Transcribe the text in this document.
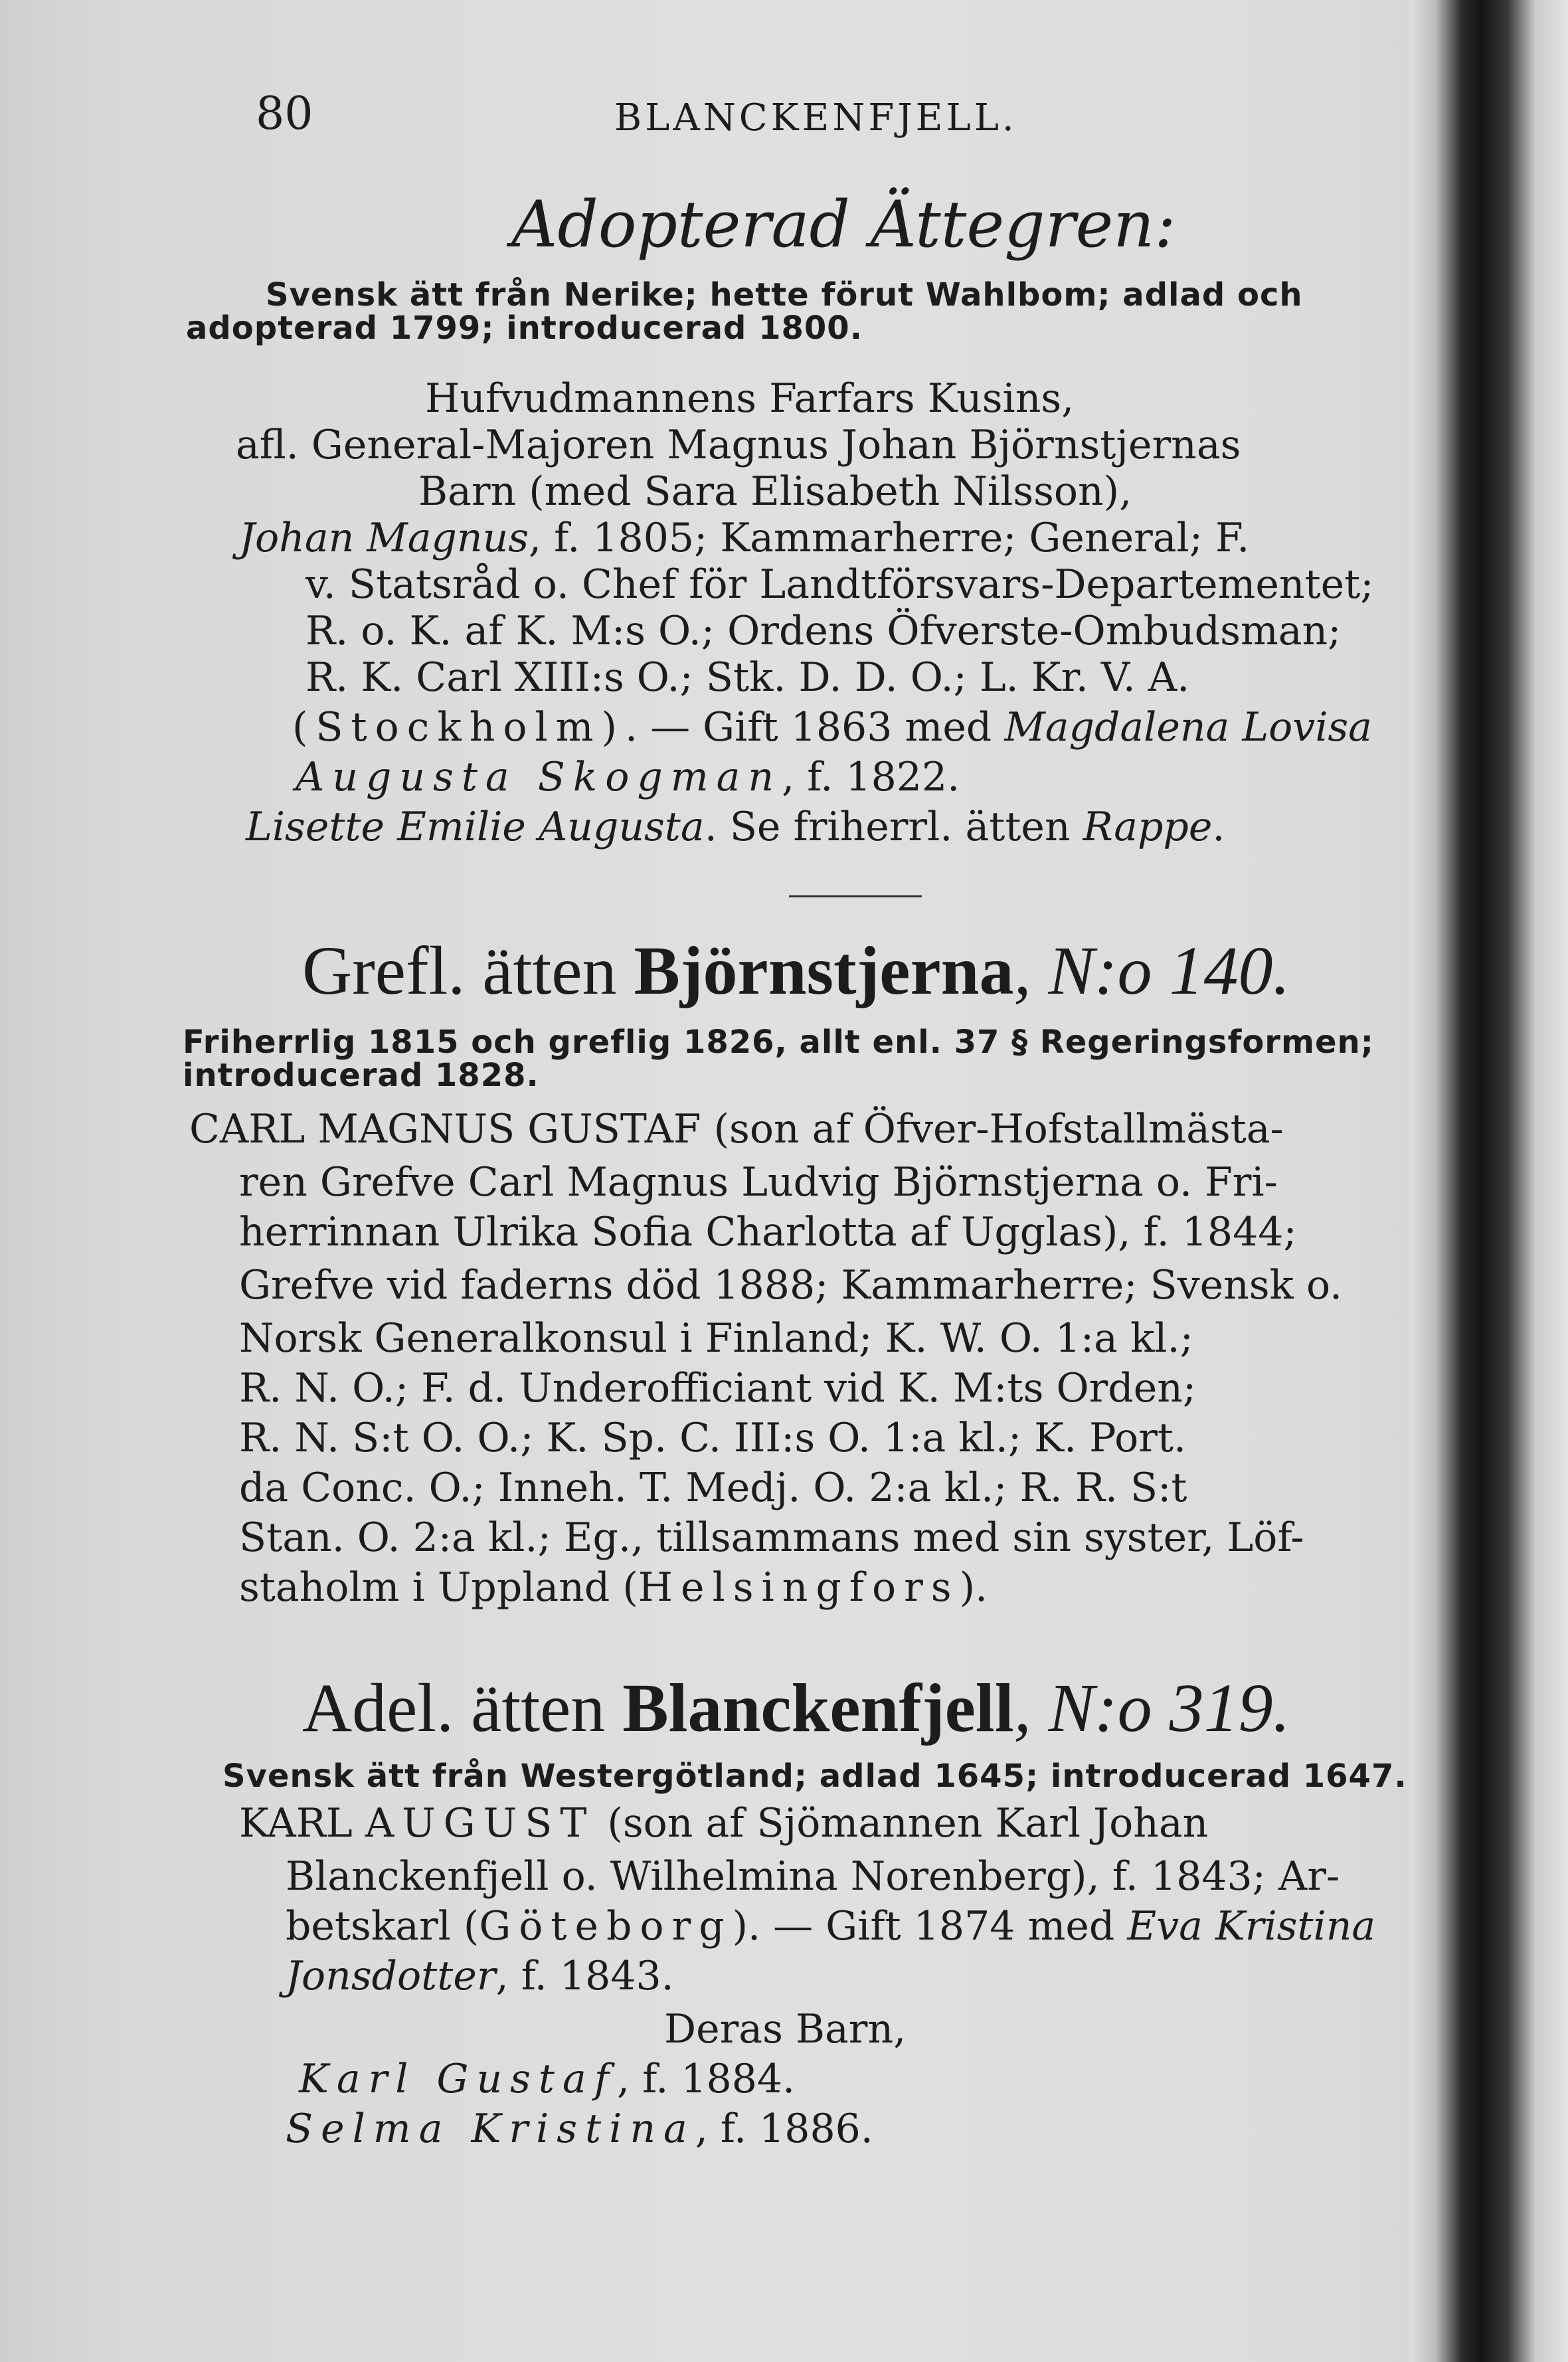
80	BLANCKENFJELL.
Adopterad Ättegren:
Svensk ätt från Nerike; hette förut Wahlbom; adlad och
adopterad 1799; introducerad 1800.
Hufvudmannens Farfars Kusins,
afl. General-Majoren Magnus Johan Björnstjernas
Barn (med Sara Elisabeth Nilsson),
Johan Magnus, f. 1805; Kammarherre; General; F.
v. Statsråd o. Chef för Landtförsvars-Departementet;
R. o. K. af K. M:s O.; Ordens Öfverste-Ombudsman;
R. K. Carl XIII:s O.; Stk. D. D. O.; L. Kr. V. A.
(Stockholm). — Gift 1863 med Magdalena Lovisa
Augusta Skogman, f. 1822.
Lisette Emilie Augusta. Se friherrl. ätten Rappe.
Grefl. ätten Björnstjerna, N:o 140.
Friherrlig 1815 och greflig 1826, allt enl. 37 § Regeringsformen;
introducerad 1828.
CARL MAGNUS GUSTAF (son af Öfver-Hofstallmästa-
ren Grefve Carl Magnus Ludvig Björnstjerna o. Fri-
herrinnan Ulrika Sofia Charlotta af Ugglas), f. 1844;
Grefve vid faderns död 1888; Kammarherre; Svensk o.
Norsk Generalkonsul i Finland; K. W. O. 1:a kl.;
R. N. O.; F. d. Underofficiant vid K. M:ts Orden;
R. N. S:t O. O.; K. Sp. C. III:s O. 1:a kl.; K. Port.
da Conc. O.; Inneh. T. Medj. O. 2:a kl.; R. R. S:t
Stan. O. 2:a kl.; Eg., tillsammans med sin syster, Löf-
staholm i Uppland (Helsingfors).
Adel. ätten Blanckenfjell, N:o 319.
Svensk ätt från Westergötland; adlad 1645; introducerad 1647.
KARL AUGUST (son af Sjömannen Karl Johan
Blanckenfjell o. Wilhelmina Norenberg), f. 1843; Ar-
betskarl (Göteborg). — Gift 1874 med Eva Kristina
Jonsdotter, f. 1843.
Deras Barn,
Karl Gustaf, f. 1884.
Selma Kristina, f. 1886.
